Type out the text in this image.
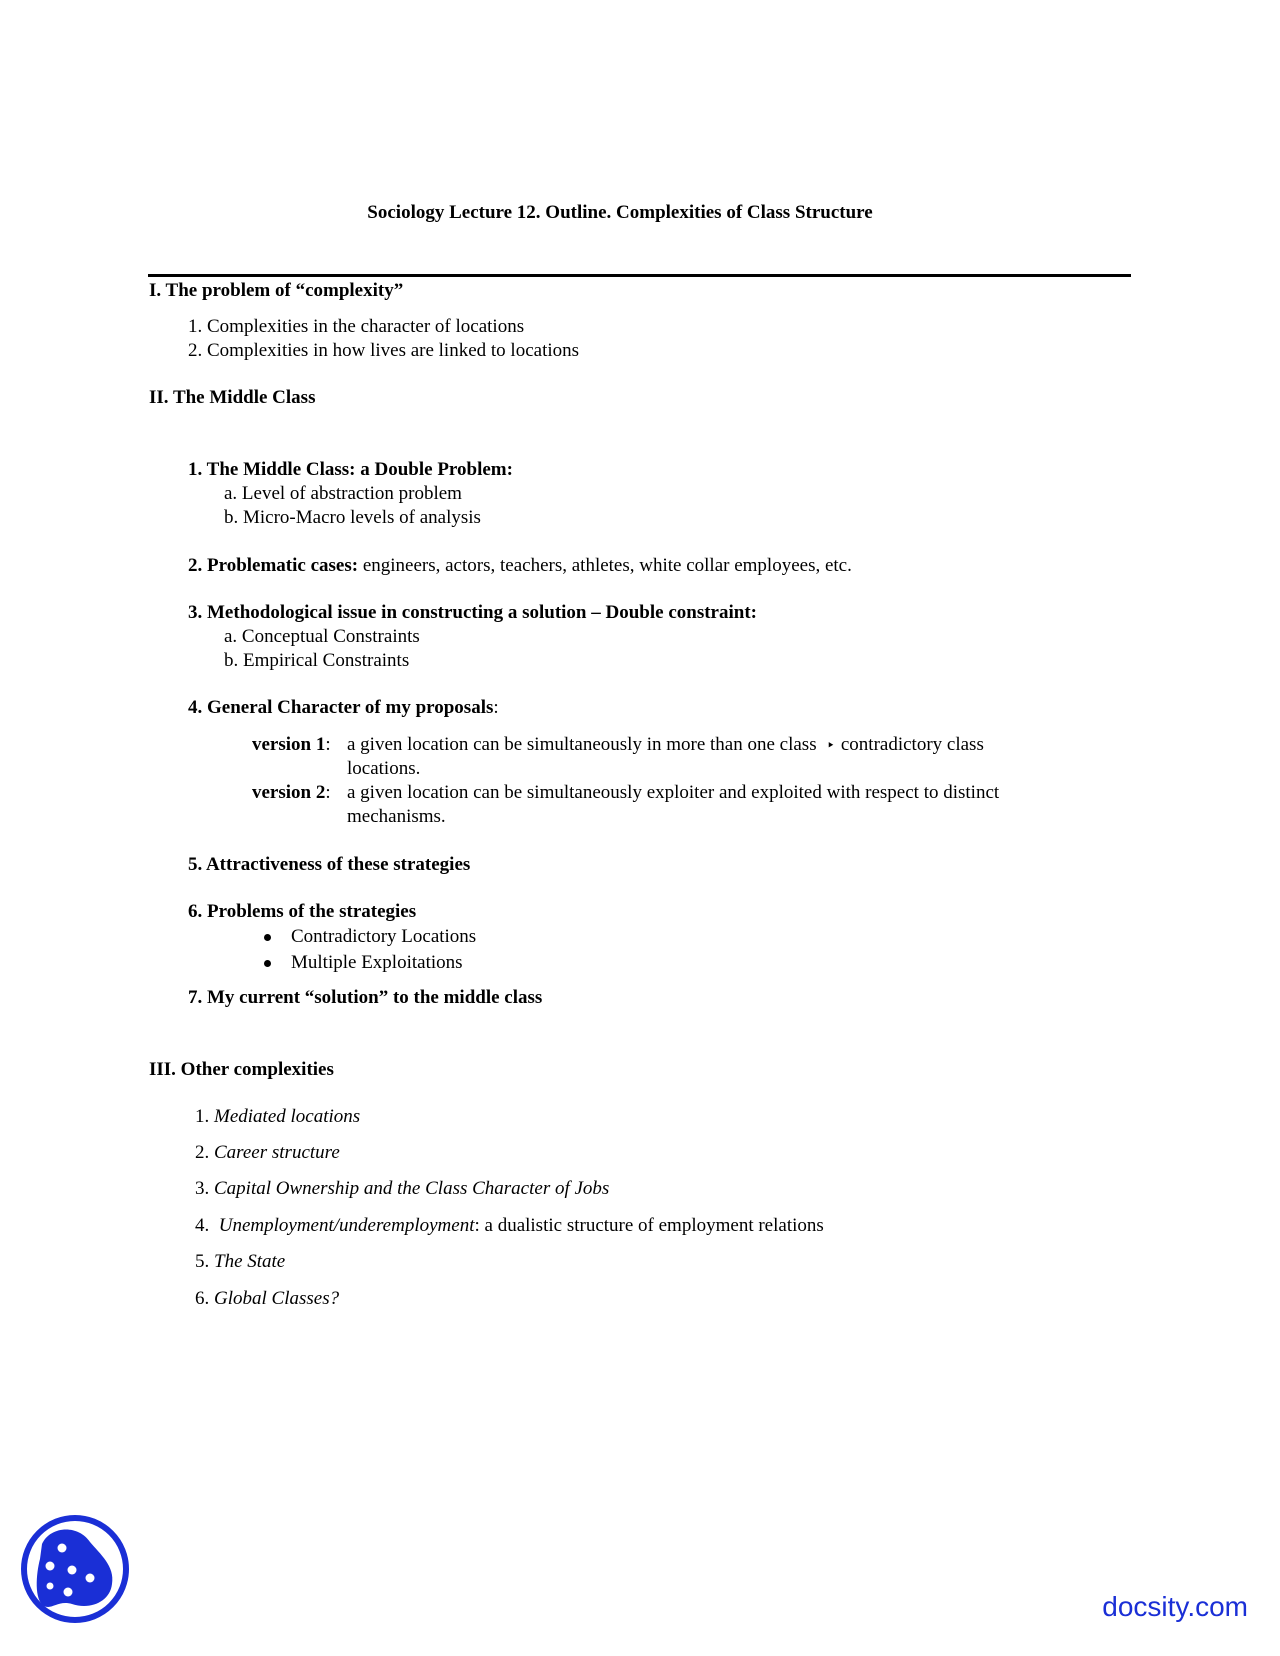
Sociology Lecture 12. Outline. Complexities of Class Structure
I. The problem of “complexity”
1. Complexities in the character of locations
2. Complexities in how lives are linked to locations
II. The Middle Class
1. The Middle Class: a Double Problem:
a. Level of abstraction problem
b. Micro-Macro levels of analysis
2. Problematic cases: engineers, actors, teachers, athletes, white collar employees, etc.
3. Methodological issue in constructing a solution – Double constraint:
a. Conceptual Constraints
b. Empirical Constraints
4. General Character of my proposals:
version 1: a given location can be simultaneously in more than one class ‣ contradictory class
locations.
version 2: a given location can be simultaneously exploiter and exploited with respect to distinct
mechanisms.
5. Attractiveness of these strategies
6. Problems of the strategies
Contradictory Locations
Multiple Exploitations
7. My current “solution” to the middle class
III. Other complexities
1. Mediated locations
2. Career structure
3. Capital Ownership and the Class Character of Jobs
4. Unemployment/underemployment: a dualistic structure of employment relations
5. The State
6. Global Classes?
docsity.com
